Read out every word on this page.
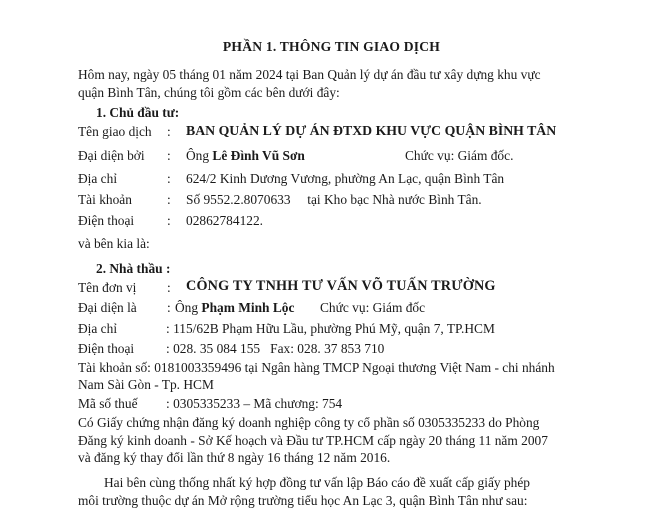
PHẦN 1. THÔNG TIN GIAO DỊCH
Hôm nay, ngày 05 tháng 01 năm 2024 tại Ban Quản lý dự án đầu tư xây dựng khu vực
quận Bình Tân, chúng tôi gồm các bên dưới đây:
1. Chủ đầu tư:
Tên giao dịch : BAN QUẢN LÝ DỰ ÁN ĐTXD KHU VỰC QUẬN BÌNH TÂN
Đại diện bởi : Ông Lê Đình Vũ Sơn	Chức vụ: Giám đốc.
Địa chỉ	: 624/2 Kinh Dương Vương, phường An Lạc, quận Bình Tân
Tài khoản	: Số 9552.2.8070633     tại Kho bạc Nhà nước Bình Tân.
Điện thoại : 02862784122.
và bên kia là:
2. Nhà thầu :
Tên đơn vị : CÔNG TY TNHH TƯ VẤN VÕ TUẤN TRƯỜNG
Đại diện là : Ông Phạm Minh Lộc Chức vụ: Giám đốc
Địa chỉ	: 115/62B Phạm Hữu Lầu, phường Phú Mỹ, quận 7, TP.HCM
Điện thoại : 028. 35 084 155   Fax: 028. 37 853 710
Tài khoản số: 0181003359496 tại Ngân hàng TMCP Ngoại thương Việt Nam - chi nhánh
Nam Sài Gòn - Tp. HCM
Mã số thuế : 0305335233 – Mã chương: 754
Có Giấy chứng nhận đăng ký doanh nghiệp công ty cổ phần số 0305335233 do Phòng
Đăng ký kinh doanh - Sở Kế hoạch và Đầu tư TP.HCM cấp ngày 20 tháng 11 năm 2007
và đăng ký thay đổi lần thứ 8 ngày 16 tháng 12 năm 2016.
Hai bên cùng thống nhất ký hợp đồng tư vấn lập Báo cáo đề xuất cấp giấy phép
môi trường thuộc dự án Mở rộng trường tiểu học An Lạc 3, quận Bình Tân như sau:
